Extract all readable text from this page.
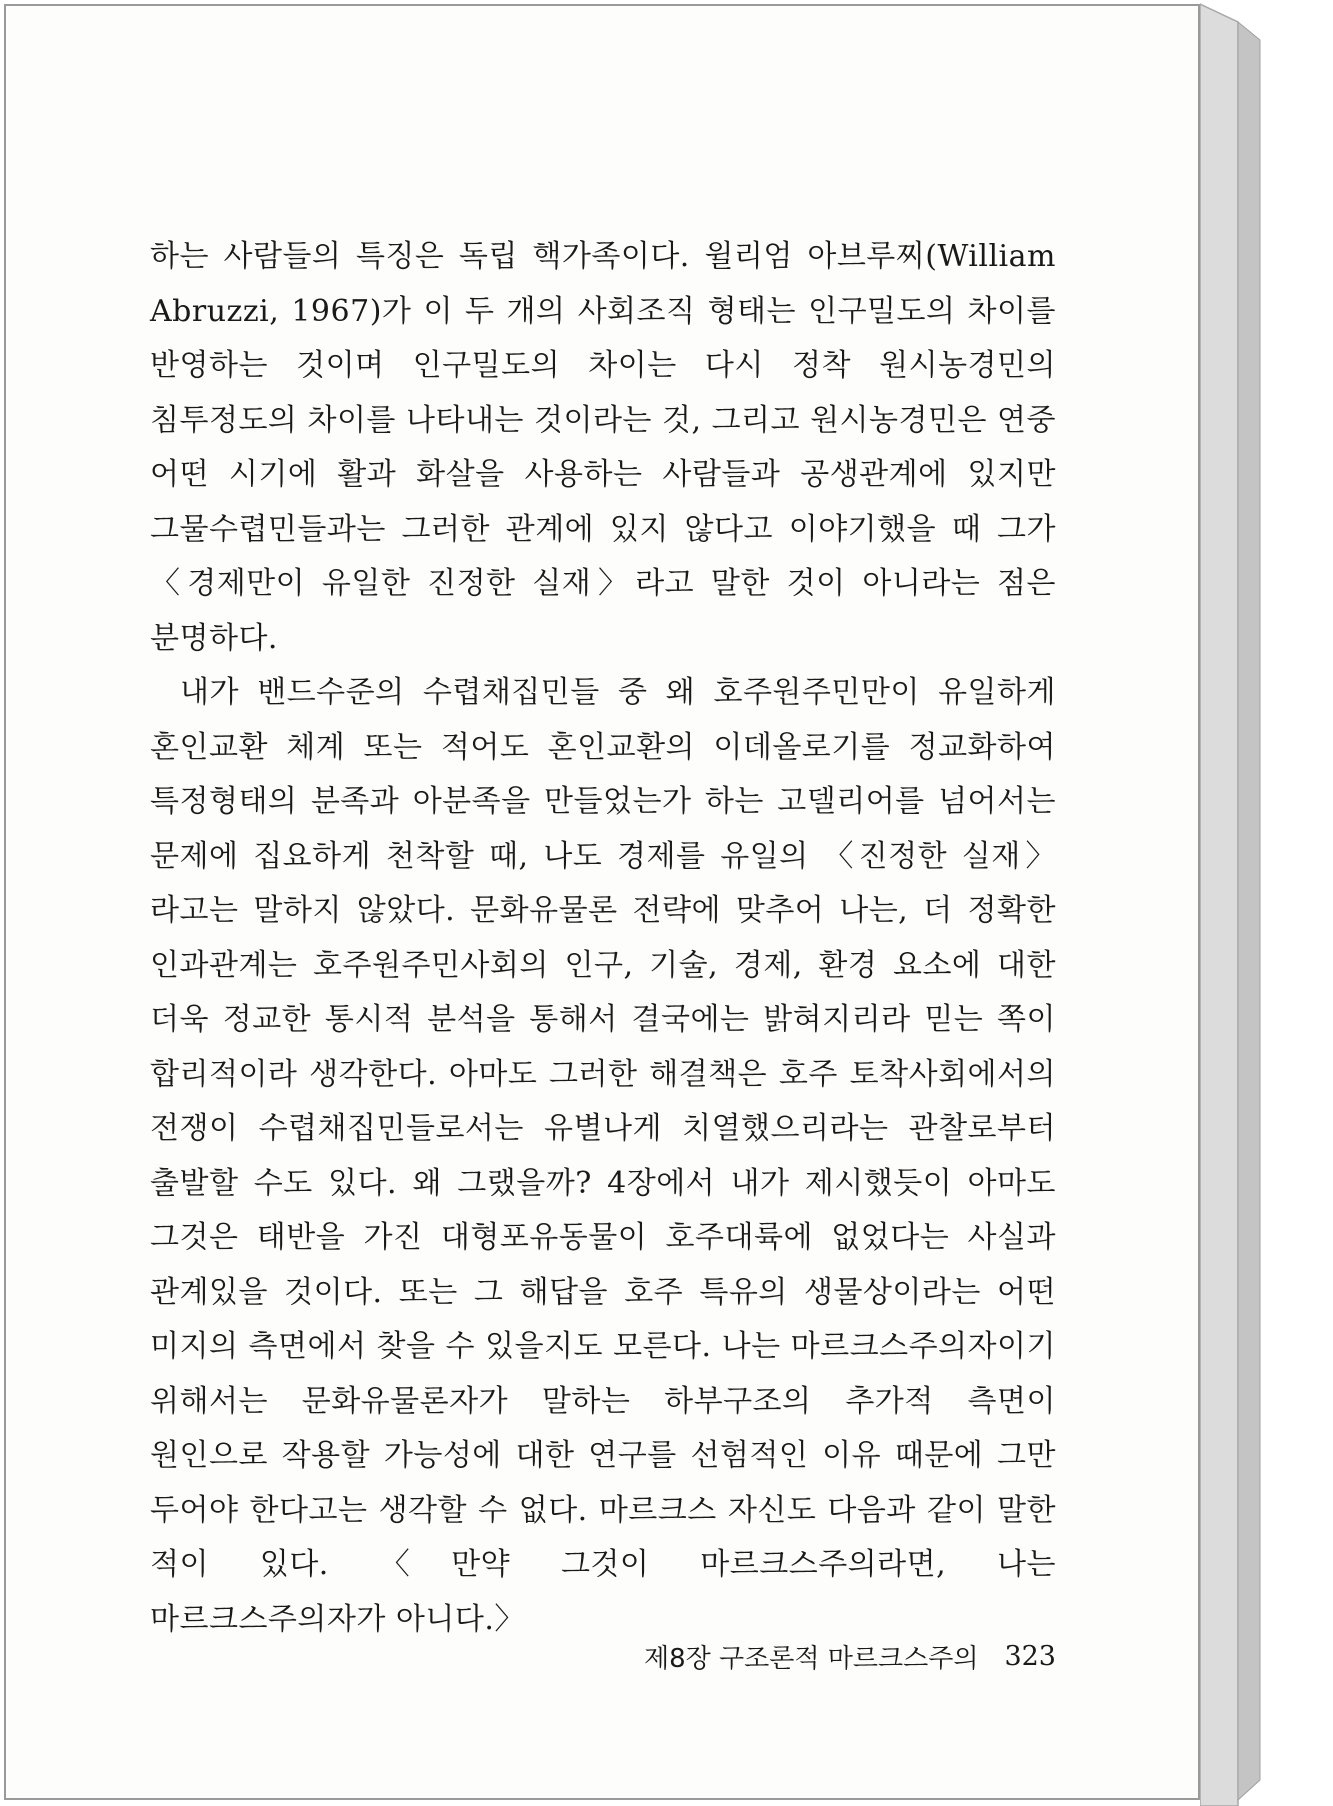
하는 사람들의 특징은 독립 핵가족이다. 윌리엄 아브루찌(William Abruzzi, 1967)가 이 두 개의 사회조직 형태는 인구밀도의 차이를 반영하는 것이며 인구밀도의 차이는 다시 정착 원시농경민의 침투정도의 차이를 나타내는 것이라는 것, 그리고 원시농경민은 연중 어떤 시기에 활과 화살을 사용하는 사람들과 공생관계에 있지만 그물수렵민들과는 그러한 관계에 있지 않다고 이야기했을 때 그가 〈경제만이 유일한 진정한 실재〉라고 말한 것이 아니라는 점은 분명하다.

내가 밴드수준의 수렵채집민들 중 왜 호주원주민만이 유일하게 혼인교환 체계 또는 적어도 혼인교환의 이데올로기를 정교화하여 특정형태의 분족과 아분족을 만들었는가 하는 고델리어를 넘어서는 문제에 집요하게 천착할 때, 나도 경제를 유일의 〈진정한 실재〉라고는 말하지 않았다. 문화유물론 전략에 맞추어 나는, 더 정확한 인과관계는 호주원주민사회의 인구, 기술, 경제, 환경 요소에 대한 더욱 정교한 통시적 분석을 통해서 결국에는 밝혀지리라 믿는 쪽이 합리적이라 생각한다. 아마도 그러한 해결책은 호주 토착사회에서의 전쟁이 수렵채집민들로서는 유별나게 치열했으리라는 관찰로부터 출발할 수도 있다. 왜 그랬을까? 4장에서 내가 제시했듯이 아마도 그것은 태반을 가진 대형포유동물이 호주대륙에 없었다는 사실과 관계있을 것이다. 또는 그 해답을 호주 특유의 생물상이라는 어떤 미지의 측면에서 찾을 수 있을지도 모른다. 나는 마르크스주의자이기 위해서는 문화유물론자가 말하는 하부구조의 추가적 측면이 원인으로 작용할 가능성에 대한 연구를 선험적인 이유 때문에 그만 두어야 한다고는 생각할 수 없다. 마르크스 자신도 다음과 같이 말한 적이 있다. 〈만약 그것이 마르크스주의라면, 나는 마르크스주의자가 아니다.〉

제8장 구조론적 마르크스주의 323
